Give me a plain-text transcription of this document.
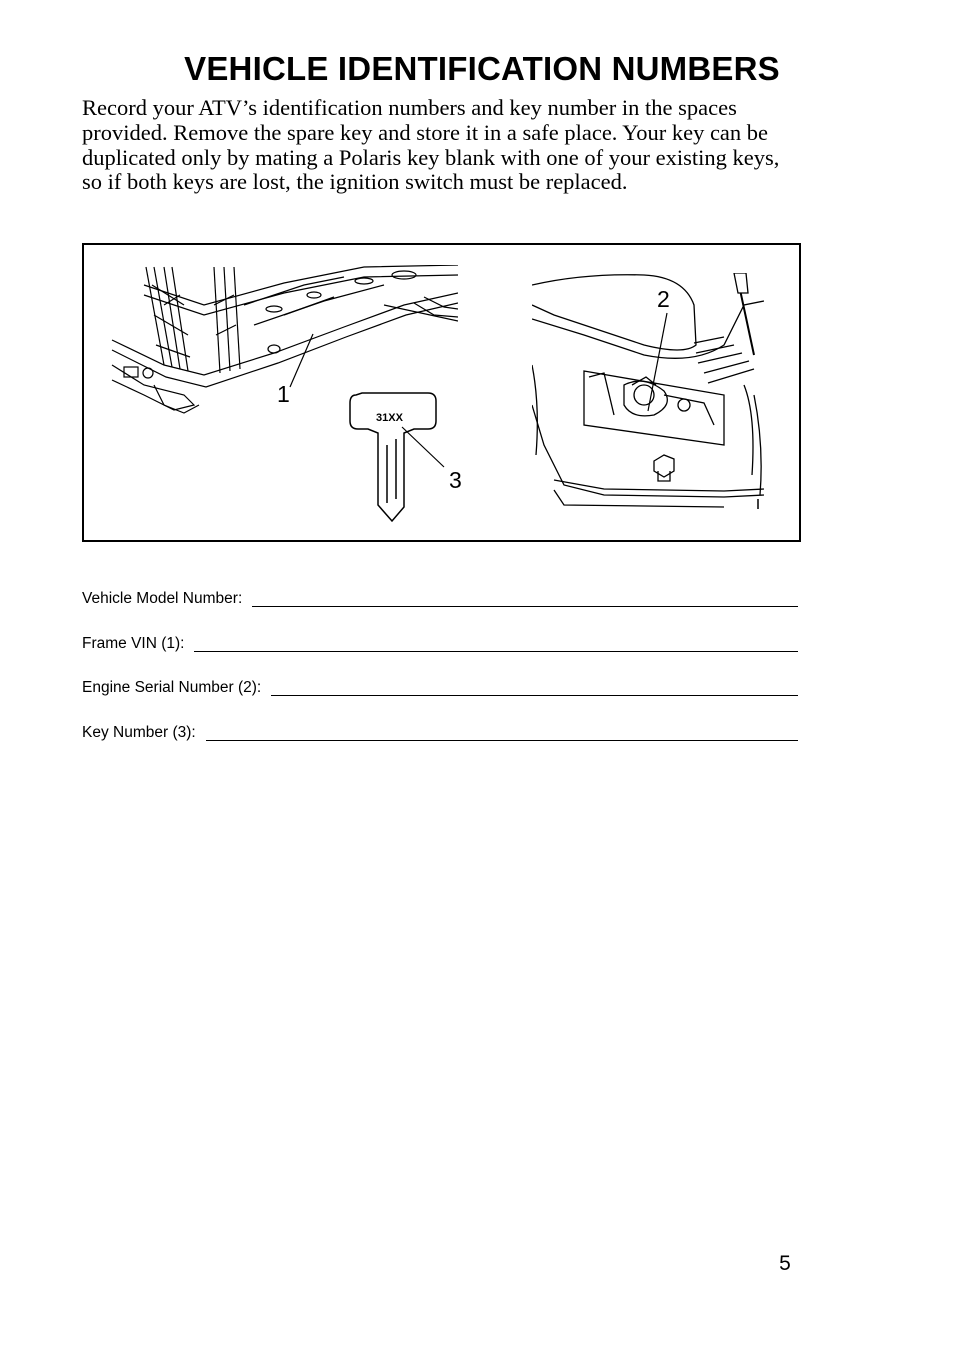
VEHICLE IDENTIFICATION NUMBERS

Record your ATV’s identification numbers and key number in the spaces provided. Remove the spare key and store it in a safe place. Your key can be duplicated only by mating a Polaris key blank with one of your existing keys, so if both keys are lost, the ignition switch must be replaced.

1
31XX
3
2
Vehicle Model Number:
Frame VIN (1):
Engine Serial Number (2):
Key Number (3):
5
